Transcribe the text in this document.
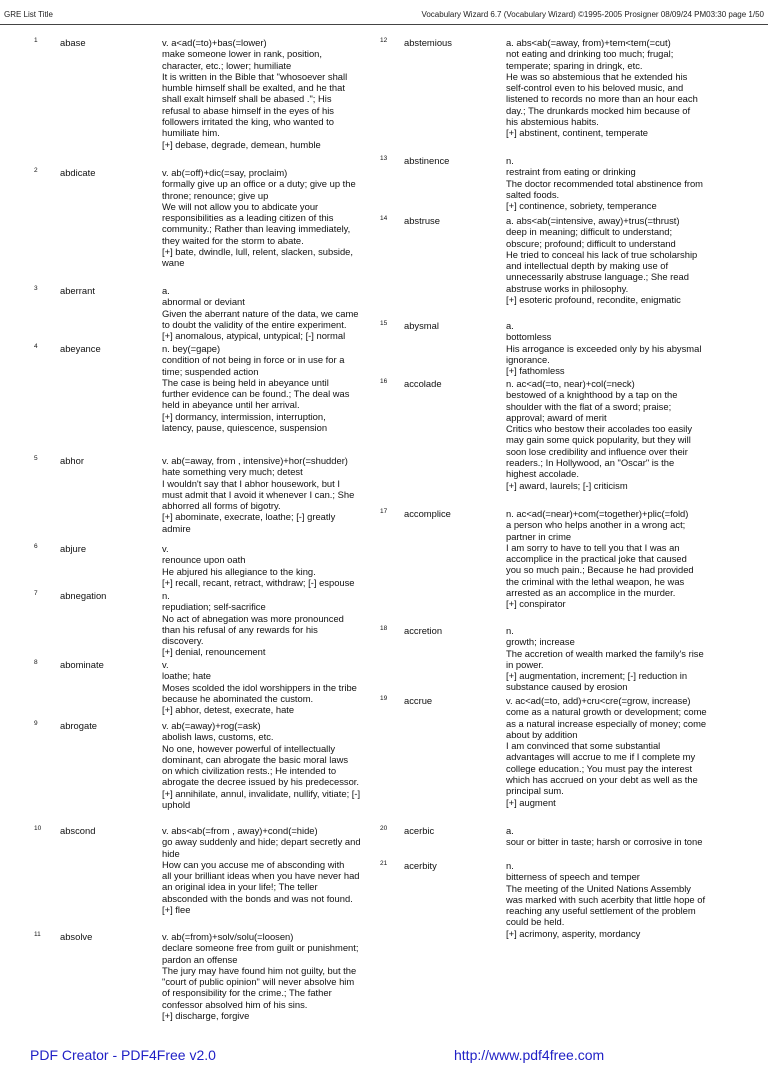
GRE List Title	Vocabulary Wizard 6.7 (Vocabulary Wizard) ©1995-2005 Prosigner 08/09/24 PM03:30 page 1/50
1 abase	v. a<ad(=to)+bas(=lower)
make someone lower in rank, position,
character, etc.; lower; humiliate
It is written in the Bible that "whosoever shall
humble himself shall be exalted, and he that
shall exalt himself shall be abased ."; His
refusal to abase himself in the eyes of his
followers irritated the king, who wanted to
humiliate him.
[+] debase, degrade, demean, humble
2 abdicate	v. ab(=off)+dic(=say, proclaim)
formally give up an office or a duty; give up the
throne; renounce; give up
We will not allow you to abdicate your
responsibilities as a leading citizen of this
community.; Rather than leaving immediately,
they waited for the storm to abate.
[+] bate, dwindle, lull, relent, slacken, subside,
wane
3 aberrant	a.
abnormal or deviant
Given the aberrant nature of the data, we came
to doubt the validity of the entire experiment.
[+] anomalous, atypical, untypical; [-] normal
4 abeyance	n. bey(=gape)
condition of not being in force or in use for a
time; suspended action
The case is being held in abeyance until
further evidence can be found.; The deal was
held in abeyance until her arrival.
[+] dormancy, intermission, interruption,
latency, pause, quiescence, suspension
5 abhor	v. ab(=away, from , intensive)+hor(=shudder)
hate something very much; detest
I wouldn't say that I abhor housework, but I
must admit that I avoid it whenever I can.; She
abhorred all forms of bigotry.
[+] abominate, execrate, loathe; [-] greatly
admire
6 abjure	v.
renounce upon oath
He abjured his allegiance to the king.
[+] recall, recant, retract, withdraw; [-] espouse
7 abnegation	n.
repudiation; self-sacrifice
No act of abnegation was more pronounced
than his refusal of any rewards for his
discovery.
[+] denial, renouncement
8 abominate	v.
loathe; hate
Moses scolded the idol worshippers in the tribe
because he abominated the custom.
[+] abhor, detest, execrate, hate
9 abrogate	v. ab(=away)+rog(=ask)
abolish laws, customs, etc.
No one, however powerful of intellectually
dominant, can abrogate the basic moral laws
on which civilization rests.; He intended to
abrogate the decree issued by his predecessor.
[+] annihilate, annul, invalidate, nullify, vitiate; [-]
uphold
10 abscond	v. abs<ab(=from , away)+cond(=hide)
go away suddenly and hide; depart secretly and
hide
How can you accuse me of absconding with
all your brilliant ideas when you have never had
an original idea in your life!; The teller
absconded with the bonds and was not found.
[+] flee
11 absolve	v. ab(=from)+solv/solu(=loosen)
declare someone free from guilt or punishment;
pardon an offense
The jury may have found him not guilty, but the
"court of public opinion" will never absolve him
of responsibility for the crime.; The father
confessor absolved him of his sins.
[+] discharge, forgive
12 abstemious	a. abs<ab(=away, from)+tem<tem(=cut)
not eating and drinking too much; frugal;
temperate; sparing in dringk, etc.
He was so abstemious that he extended his
self-control even to his beloved music, and
listened to records no more than an hour each
day.; The drunkards mocked him because of
his abstemious habits.
[+] abstinent, continent, temperate
13 abstinence	n.
restraint from eating or drinking
The doctor recommended total abstinence from
salted foods.
[+] continence, sobriety, temperance
14 abstruse	a. abs<ab(=intensive, away)+trus(=thrust)
deep in meaning; difficult to understand;
obscure; profound; difficult to understand
He tried to conceal his lack of true scholarship
and intellectual depth by making use of
unnecessarily abstruse language.; She read
abstruse works in philosophy.
[+] esoteric profound, recondite, enigmatic
15 abysmal	a.
bottomless
His arrogance is exceeded only by his abysmal
ignorance.
[+] fathomless
16 accolade	n. ac<ad(=to, near)+col(=neck)
bestowed of a knighthood by a tap on the
shoulder with the flat of a sword; praise;
approval; award of merit
Critics who bestow their accolades too easily
may gain some quick popularity, but they will
soon lose credibility and influence over their
readers.; In Hollywood, an "Oscar" is the
highest accolade.
[+] award, laurels; [-] criticism
17 accomplice	n. ac<ad(=near)+com(=together)+plic(=fold)
a person who helps another in a wrong act;
partner in crime
I am sorry to have to tell you that I was an
accomplice in the practical joke that caused
you so much pain.; Because he had provided
the criminal with the lethal weapon, he was
arrested as an accomplice in the murder.
[+] conspirator
18 accretion	n.
growth; increase
The accretion of wealth marked the family's rise
in power.
[+] augmentation, increment; [-] reduction in
substance caused by erosion
19 accrue	v. ac<ad(=to, add)+cru<cre(=grow, increase)
come as a natural growth or development; come
as a natural increase especially of money; come
about by addition
I am convinced that some substantial
advantages will accrue to me if I complete my
college education.; You must pay the interest
which has accrued on your debt as well as the
principal sum.
[+] augment
20 acerbic	a.
sour or bitter in taste; harsh or corrosive in tone
21 acerbity	n.
bitterness of speech and temper
The meeting of the United Nations Assembly
was marked with such acerbity that little hope of
reaching any useful settlement of the problem
could be held.
[+] acrimony, asperity, mordancy
PDF Creator - PDF4Free v2.0	http://www.pdf4free.com
